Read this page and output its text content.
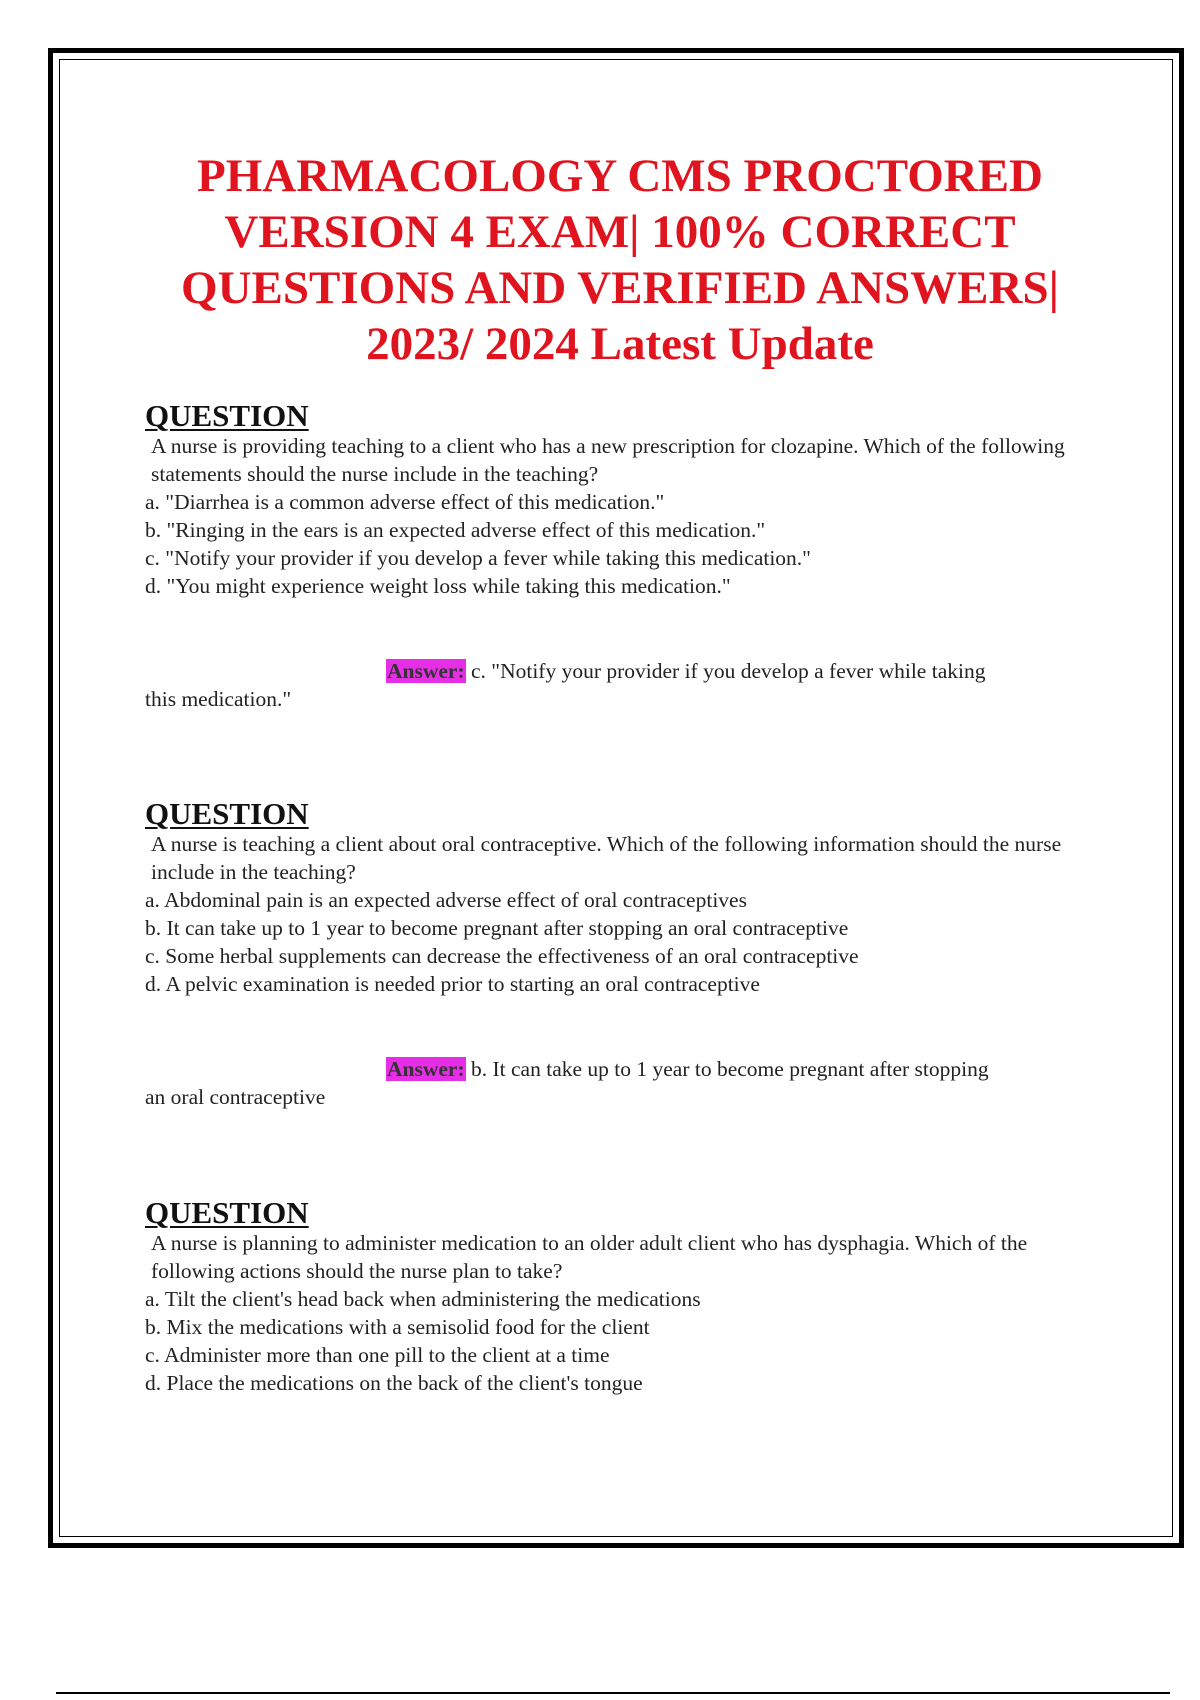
PHARMACOLOGY CMS PROCTORED
VERSION 4 EXAM| 100% CORRECT
QUESTIONS AND VERIFIED ANSWERS|
2023/ 2024 Latest Update
QUESTION

A nurse is providing teaching to a client who has a new prescription for clozapine. Which of the following statements should the nurse include in the teaching?

a. "Diarrhea is a common adverse effect of this medication."

b. "Ringing in the ears is an expected adverse effect of this medication."

c. "Notify your provider if you develop a fever while taking this medication."

d. "You might experience weight loss while taking this medication."

Answer: c. "Notify your provider if you develop a fever while taking
this medication."
QUESTION

A nurse is teaching a client about oral contraceptive. Which of the following information should the nurse include in the teaching?

a. Abdominal pain is an expected adverse effect of oral contraceptives

b. It can take up to 1 year to become pregnant after stopping an oral contraceptive

c. Some herbal supplements can decrease the effectiveness of an oral contraceptive

d. A pelvic examination is needed prior to starting an oral contraceptive

Answer: b. It can take up to 1 year to become pregnant after stopping
an oral contraceptive
QUESTION

A nurse is planning to administer medication to an older adult client who has dysphagia. Which of the following actions should the nurse plan to take?

a. Tilt the client's head back when administering the medications

b. Mix the medications with a semisolid food for the client

c. Administer more than one pill to the client at a time

d. Place the medications on the back of the client's tongue
